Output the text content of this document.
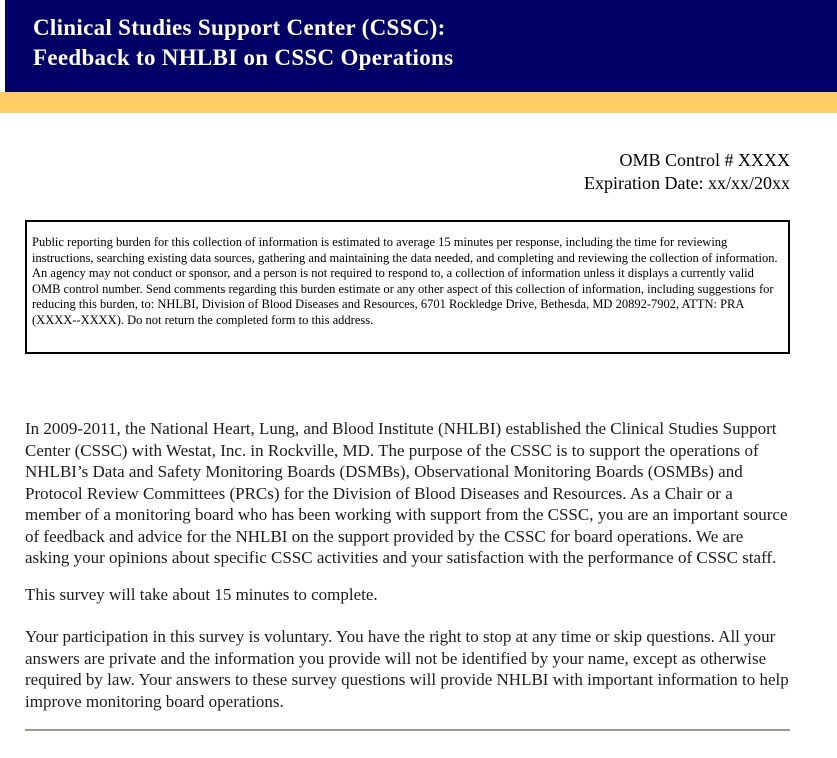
Clinical Studies Support Center (CSSC):
Feedback to NHLBI on CSSC Operations
OMB Control # XXXX
Expiration Date: xx/xx/20xx
Public reporting burden for this collection of information is estimated to average 15 minutes per response, including the time for reviewing instructions, searching existing data sources, gathering and maintaining the data needed, and completing and reviewing the collection of information. An agency may not conduct or sponsor, and a person is not required to respond to, a collection of information unless it displays a currently valid OMB control number. Send comments regarding this burden estimate or any other aspect of this collection of information, including suggestions for reducing this burden, to: NHLBI, Division of Blood Diseases and Resources, 6701 Rockledge Drive, Bethesda, MD 20892-7902, ATTN: PRA (XXXX--XXXX). Do not return the completed form to this address.

In 2009-2011, the National Heart, Lung, and Blood Institute (NHLBI) established the Clinical Studies Support Center (CSSC) with Westat, Inc. in Rockville, MD. The purpose of the CSSC is to support the operations of NHLBI’s Data and Safety Monitoring Boards (DSMBs), Observational Monitoring Boards (OSMBs) and Protocol Review Committees (PRCs) for the Division of Blood Diseases and Resources. As a Chair or a member of a monitoring board who has been working with support from the CSSC, you are an important source of feedback and advice for the NHLBI on the support provided by the CSSC for board operations. We are asking your opinions about specific CSSC activities and your satisfaction with the performance of CSSC staff.

This survey will take about 15 minutes to complete.

Your participation in this survey is voluntary. You have the right to stop at any time or skip questions. All your answers are private and the information you provide will not be identified by your name, except as otherwise required by law. Your answers to these survey questions will provide NHLBI with important information to help improve monitoring board operations.
